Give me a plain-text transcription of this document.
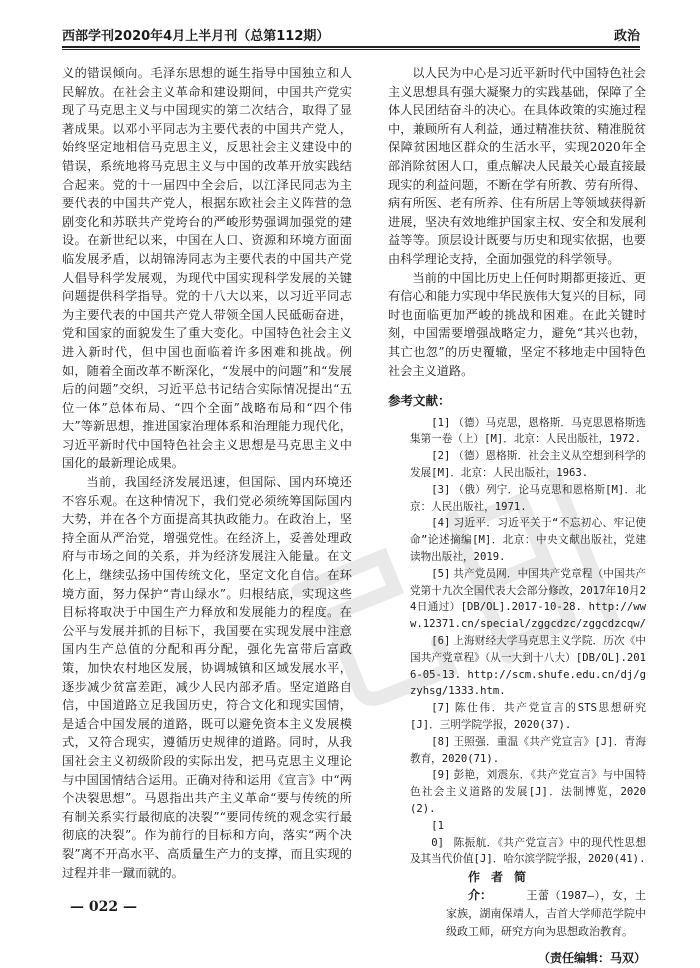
西部学刊2020年4月上半月刊（总第112期）	政治

义的错误倾向。毛泽东思想的诞生指导中国独立和人民解放。在社会主义革命和建设期间，中国共产党实现了马克思主义与中国现实的第二次结合，取得了显著成果。以邓小平同志为主要代表的中国共产党人，始终坚定地相信马克思主义，反思社会主义建设中的错误，系统地将马克思主义与中国的改革开放实践结合起来。党的十一届四中全会后，以江泽民同志为主要代表的中国共产党人，根据东欧社会主义阵营的急剧变化和苏联共产党垮台的严峻形势强调加强党的建设。在新世纪以来，中国在人口、资源和环境方面面临发展矛盾，以胡锦涛同志为主要代表的中国共产党人倡导科学发展观，为现代中国实现科学发展的关键问题提供科学指导。党的十八大以来，以习近平同志为主要代表的中国共产党人带领全国人民砥砺奋进，党和国家的面貌发生了重大变化。中国特色社会主义进入新时代，但中国也面临着许多困难和挑战。例如，随着全面改革不断深化，“发展中的问题”和“发展后的问题”交织，习近平总书记结合实际情况提出“五位一体”总体布局、“四个全面”战略布局和“四个伟大”等新思想，推进国家治理体系和治理能力现代化，习近平新时代中国特色社会主义思想是马克思主义中国化的最新理论成果。

当前，我国经济发展迅速，但国际、国内环境还不容乐观。在这种情况下，我们党必须统筹国际国内大势，并在各个方面提高其执政能力。在政治上，坚持全面从严治党，增强党性。在经济上，妥善处理政府与市场之间的关系，并为经济发展注入能量。在文化上，继续弘扬中国传统文化，坚定文化自信。在环境方面，努力保护“青山绿水”。归根结底，实现这些目标将取决于中国生产力释放和发展能力的程度。在公平与发展并抓的目标下，我国要在实现发展中注意国内生产总值的分配和再分配，强化先富带后富政策，加快农村地区发展，协调城镇和区域发展水平，逐步减少贫富差距，减少人民内部矛盾。坚定道路自信，中国道路立足我国历史，符合文化和现实国情，是适合中国发展的道路，既可以避免资本主义发展模式，又符合现实，遵循历史规律的道路。同时，从我国社会主义初级阶段的实际出发，把马克思主义理论与中国国情结合运用。正确对待和运用《宣言》中“两个决裂思想”。马恩指出共产主义革命“要与传统的所有制关系实行最彻底的决裂”“要同传统的观念实行最彻底的决裂”。作为前行的目标和方向，落实“两个决裂”离不开高水平、高质量生产力的支撑，而且实现的过程并非一蹴而就的。

以人民为中心是习近平新时代中国特色社会主义思想具有强大凝聚力的实践基础，保障了全体人民团结奋斗的决心。在具体政策的实施过程中，兼顾所有人利益，通过精准扶贫、精准脱贫保障贫困地区群众的生活水平，实现2020年全部消除贫困人口，重点解决人民最关心最直接最现实的利益问题，不断在学有所教、劳有所得、病有所医、老有所养、住有所居上等领域获得新进展，坚决有效地维护国家主权、安全和发展利益等等。顶层设计既要与历史和现实依据，也要由科学理论支持，全面加强党的科学领导。

当前的中国比历史上任何时期都更接近、更有信心和能力实现中华民族伟大复兴的目标，同时也面临更加严峻的挑战和困难。在此关键时刻，中国需要增强战略定力，避免“其兴也勃，其亡也忽”的历史覆辙，坚定不移地走中国特色社会主义道路。

参考文献：

[1] （德）马克思，恩格斯．马克思恩格斯选集第一卷（上）[M]．北京：人民出版社，1972.

[2] （德）恩格斯．社会主义从空想到科学的发展[M]．北京：人民出版社，1963.

[3] （俄）列宁．论马克思和恩格斯[M]．北京：人民出版社，1971.

[4] 习近平．习近平关于“不忘初心、牢记使命”论述摘编[M]．北京：中央文献出版社，党建读物出版社，2019.

[5] 共产党员网．中国共产党章程（中国共产党第十九次全国代表大会部分修改，2017年10月24日通过）[DB/OL].2017-10-28. http://www.12371.cn/special/zggcdzc/zggcdzcqw/

[6] 上海财经大学马克思主义学院．历次《中国共产党章程》（从一大到十八大）[DB/OL].2016-05-13. http://scm.shufe.edu.cn/dj/gzyhsg/1333.htm.

[7] 陈仕伟．共产党宣言的STS思想研究[J]．三明学院学报，2020(37).

[8] 王照强．重温《共产党宣言》[J]．青海教育，2020(71).

[9] 彭艳，刘震东．《共产党宣言》与中国特色社会主义道路的发展[J]．法制博览，2020(2).

[10] 陈振航．《共产党宣言》中的现代性思想及其当代价值[J]．哈尔滨学院学报，2020(41).

作者简介：	王蕾（1987—），女，土家族，湖南保靖人，吉首大学师范学院中级政工师，研究方向为思想政治教育。

（责任编辑：马双）
— 022 —
